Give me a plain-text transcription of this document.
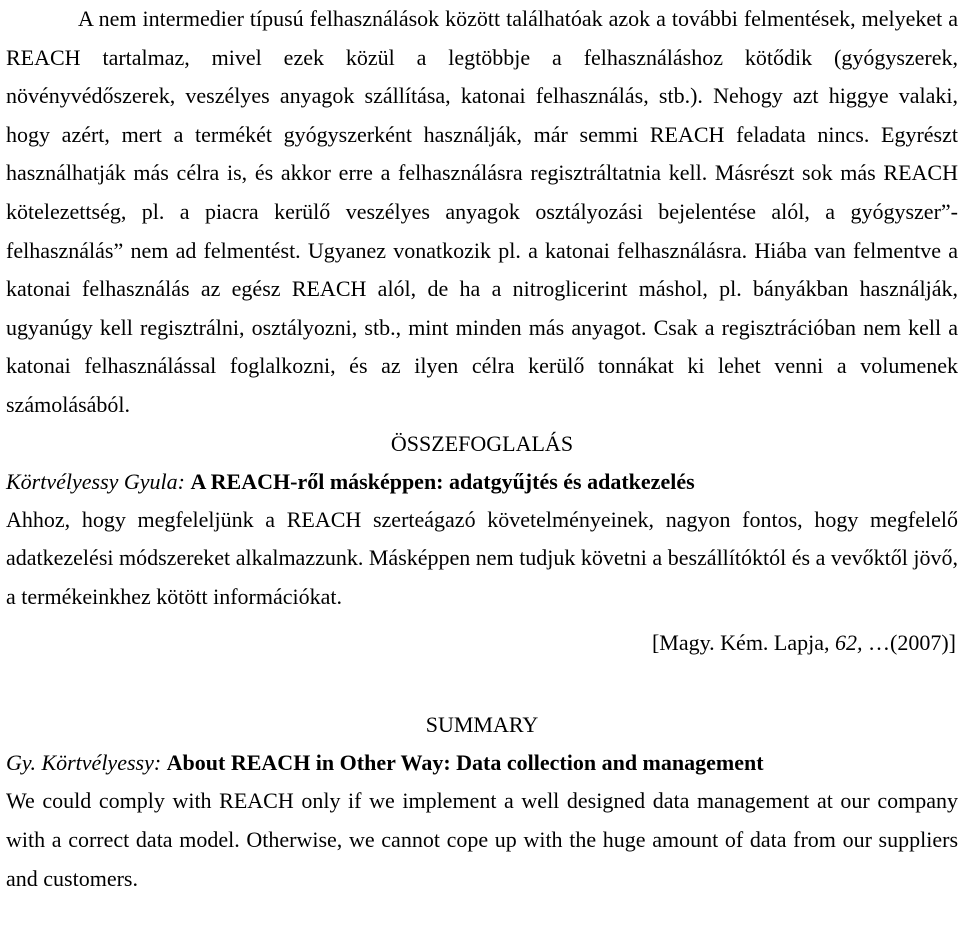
A nem intermedier típusú felhasználások között találhatóak azok a további felmentések, melyeket a REACH tartalmaz, mivel ezek közül a legtöbbje a felhasználáshoz kötődik (gyógyszerek, növényvédőszerek, veszélyes anyagok szállítása, katonai felhasználás, stb.). Nehogy azt higgye valaki, hogy azért, mert a termékét gyógyszerként használják, már semmi REACH feladata nincs. Egyrészt használhatják más célra is, és akkor erre a felhasználásra regisztráltatnia kell. Másrészt sok más REACH kötelezettség, pl. a piacra kerülő veszélyes anyagok osztályozási bejelentése alól, a gyógyszer”-felhasználás” nem ad felmentést. Ugyanez vonatkozik pl. a katonai felhasználásra. Hiába van felmentve a katonai felhasználás az egész REACH alól, de ha a nitroglicerint máshol, pl. bányákban használják, ugyanúgy kell regisztrálni, osztályozni, stb., mint minden más anyagot. Csak a regisztrációban nem kell a katonai felhasználással foglalkozni, és az ilyen célra kerülő tonnákat ki lehet venni a volumenek számolásából.

ÖSSZEFOGLALÁS

Körtvélyessy Gyula: A REACH-ről másképpen: adatgyűjtés és adatkezelés

Ahhoz, hogy megfeleljünk a REACH szerteágazó követelményeinek, nagyon fontos, hogy megfelelő adatkezelési módszereket alkalmazzunk. Másképpen nem tudjuk követni a beszállítóktól és a vevőktől jövő, a termékeinkhez kötött információkat.

[Magy. Kém. Lapja, 62, …(2007)]

SUMMARY

Gy. Körtvélyessy: About REACH in Other Way: Data collection and management

We could comply with REACH only if we implement a well designed data management at our company with a correct data model. Otherwise, we cannot cope up with the huge amount of data from our suppliers and customers.
